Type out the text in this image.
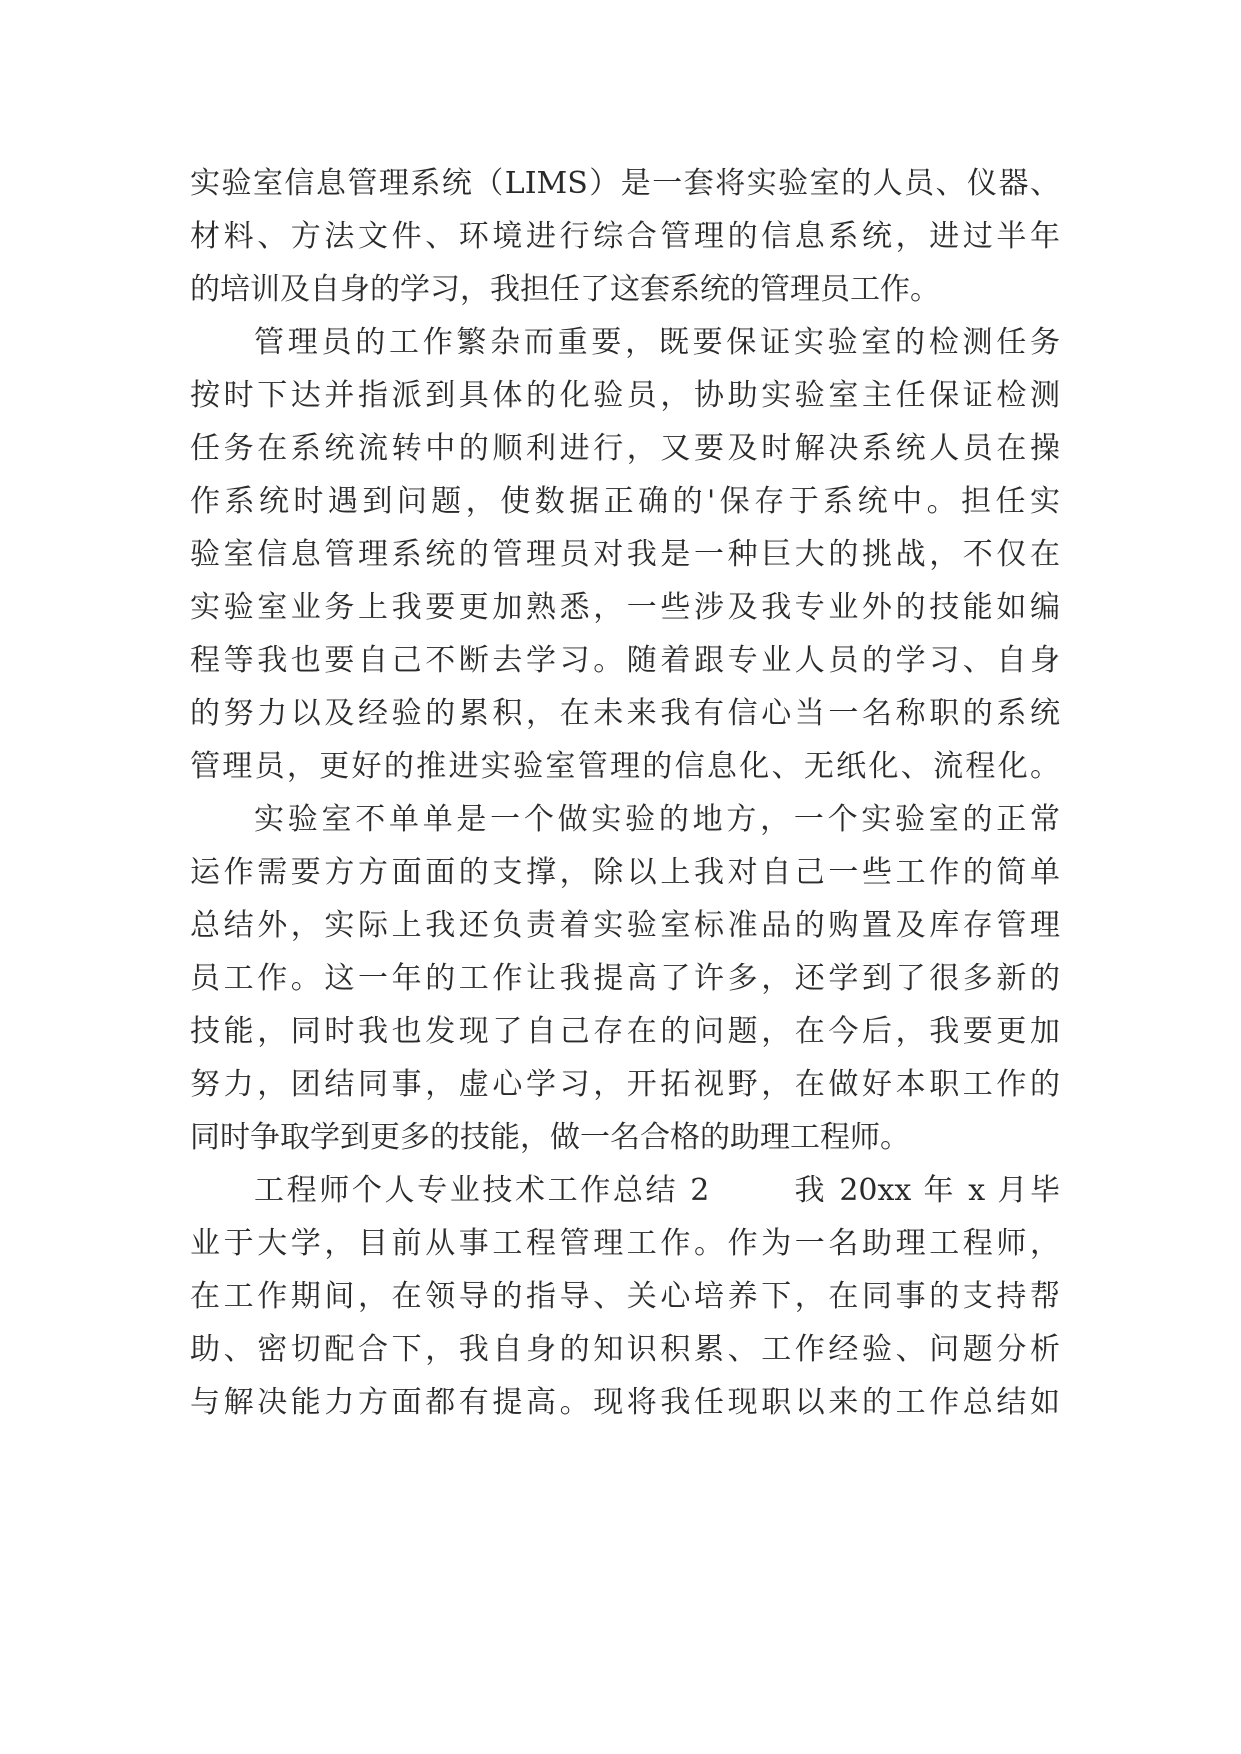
实验室信息管理系统（LIMS）是一套将实验室的人员、仪器、
材料、方法文件、环境进行综合管理的信息系统，进过半年
的培训及自身的学习，我担任了这套系统的管理员工作。
管理员的工作繁杂而重要，既要保证实验室的检测任务
按时下达并指派到具体的化验员，协助实验室主任保证检测
任务在系统流转中的顺利进行，又要及时解决系统人员在操
作系统时遇到问题，使数据正确的'保存于系统中。担任实
验室信息管理系统的管理员对我是一种巨大的挑战，不仅在
实验室业务上我要更加熟悉，一些涉及我专业外的技能如编
程等我也要自己不断去学习。随着跟专业人员的学习、自身
的努力以及经验的累积，在未来我有信心当一名称职的系统
管理员，更好的推进实验室管理的信息化、无纸化、流程化。
实验室不单单是一个做实验的地方，一个实验室的正常
运作需要方方面面的支撑，除以上我对自己一些工作的简单
总结外，实际上我还负责着实验室标准品的购置及库存管理
员工作。这一年的工作让我提高了许多，还学到了很多新的
技能，同时我也发现了自己存在的问题，在今后，我要更加
努力，团结同事，虚心学习，开拓视野，在做好本职工作的
同时争取学到更多的技能，做一名合格的助理工程师。
工程师个人专业技术工作总结 2       我 20xx 年 x 月毕
业于大学，目前从事工程管理工作。作为一名助理工程师，
在工作期间，在领导的指导、关心培养下，在同事的支持帮
助、密切配合下，我自身的知识积累、工作经验、问题分析
与解决能力方面都有提高。现将我任现职以来的工作总结如
